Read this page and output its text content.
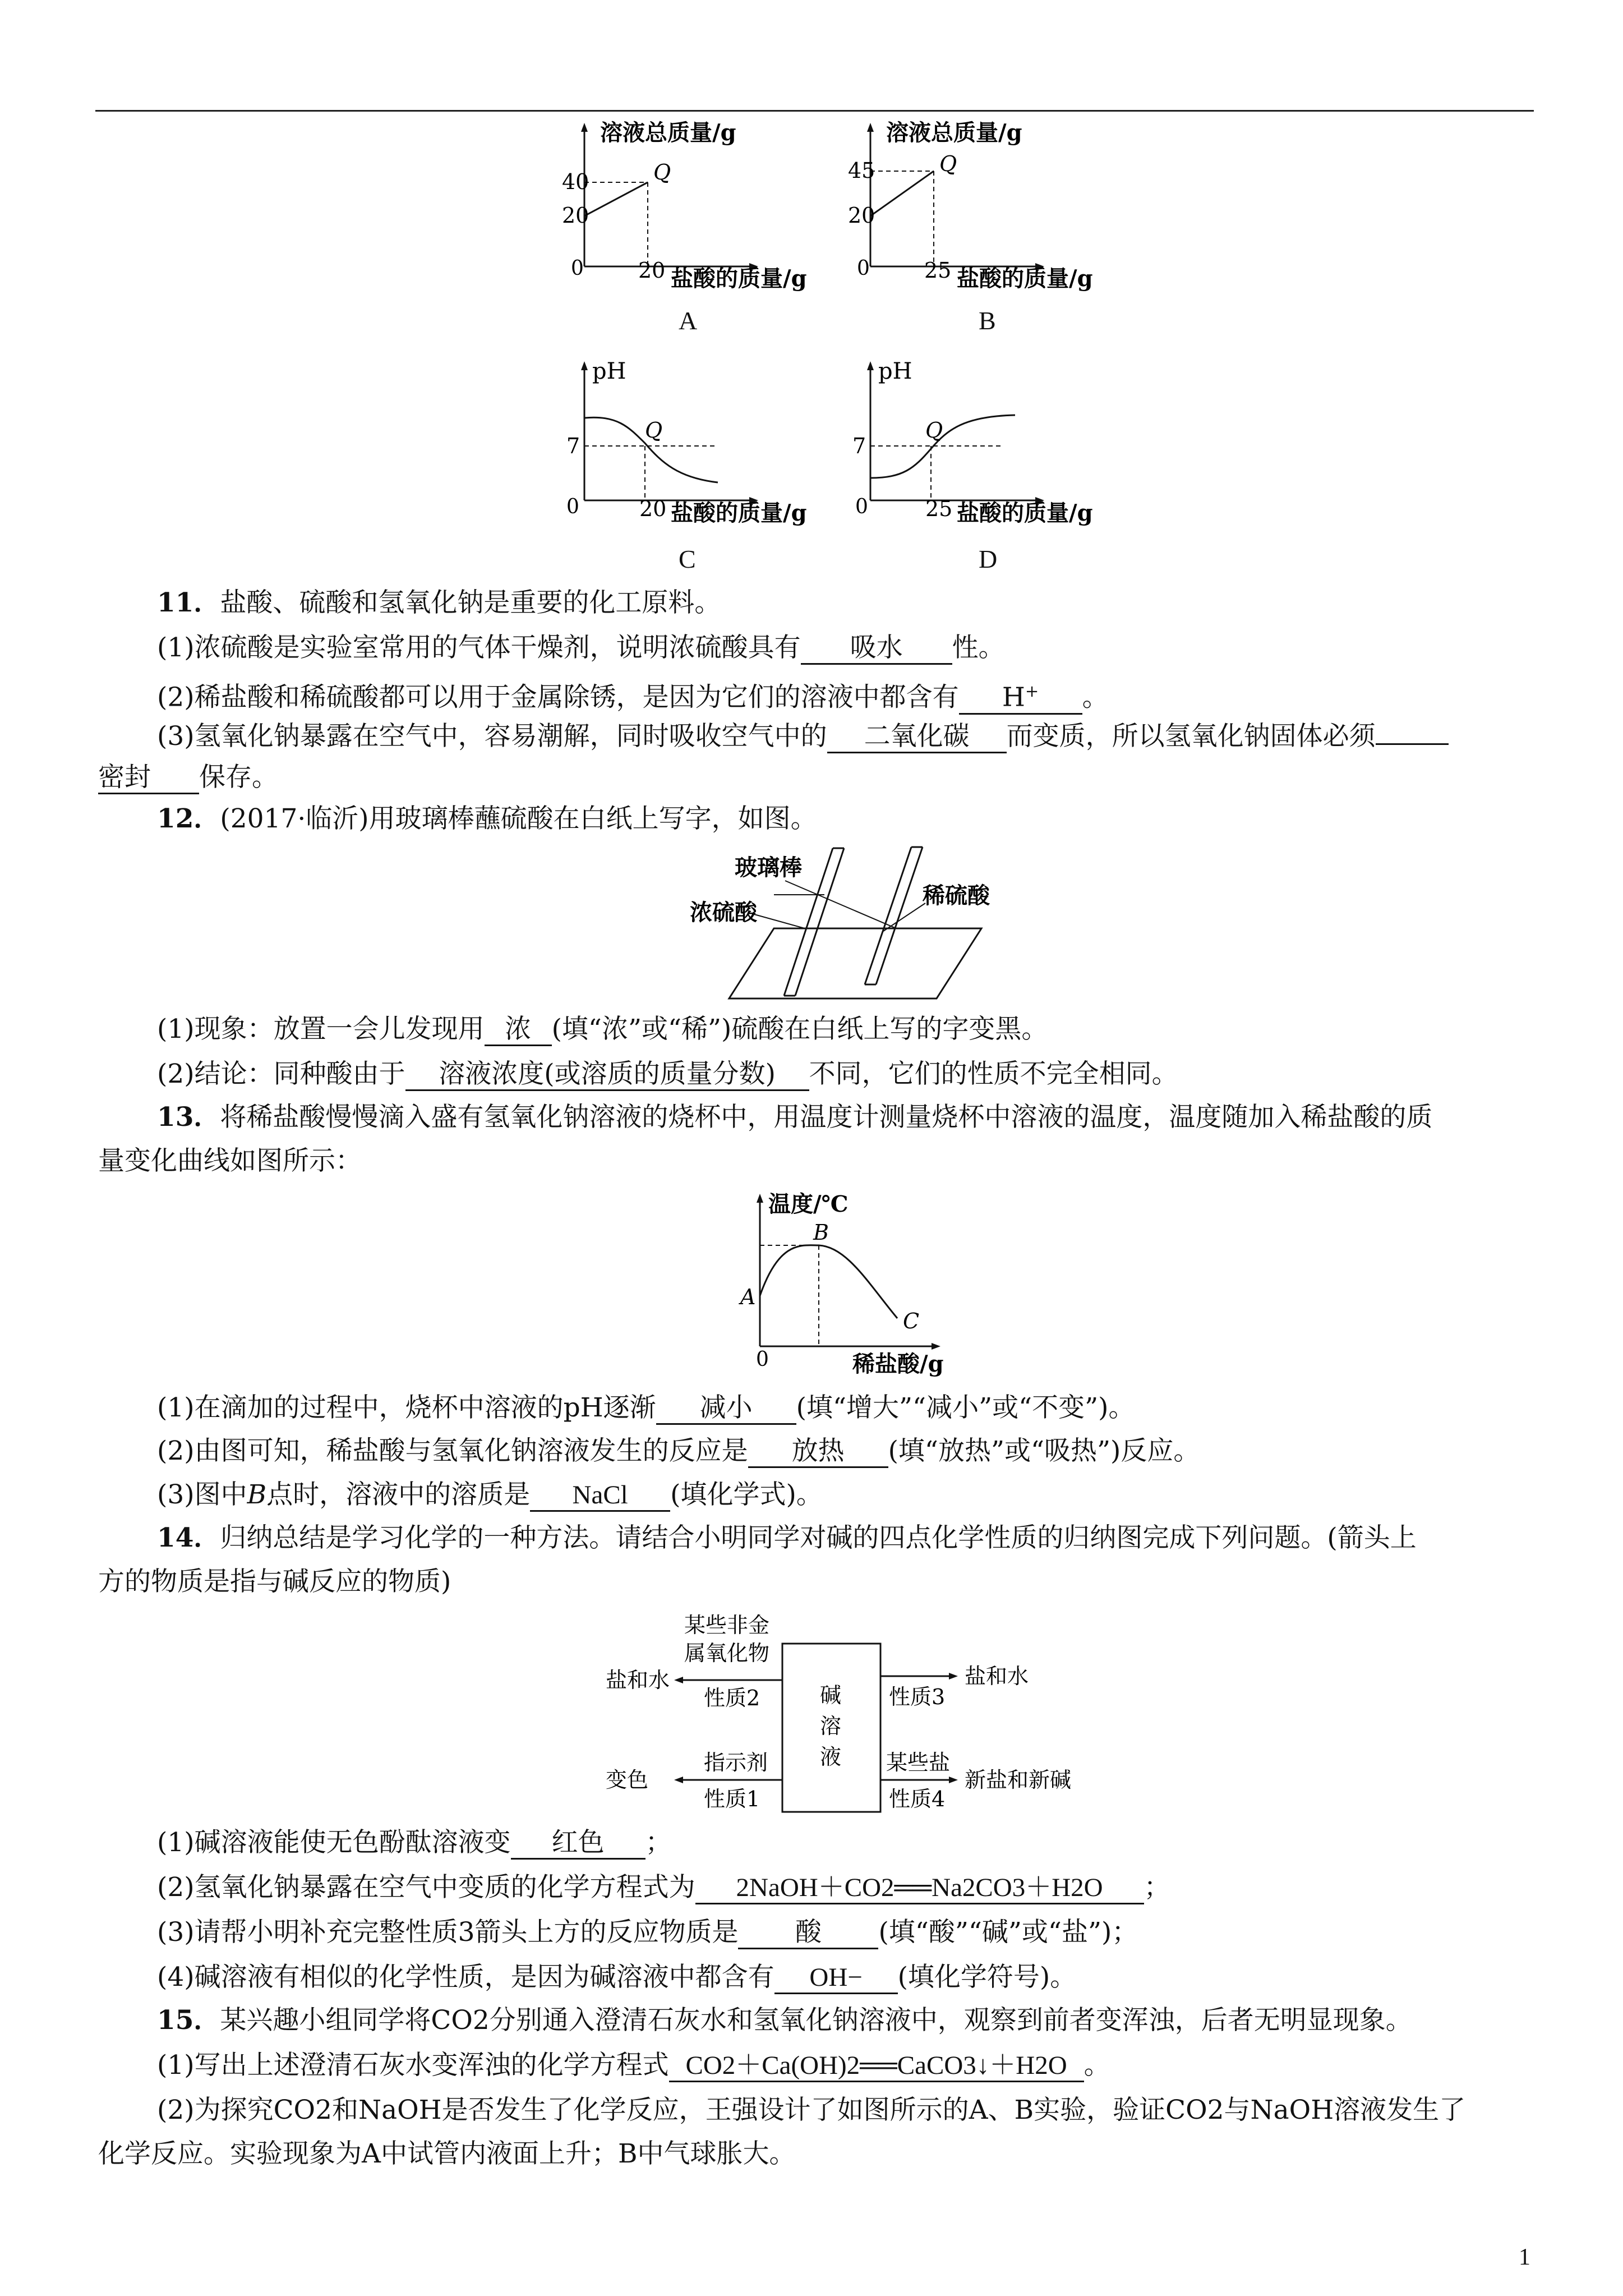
溶液总质量/g
40
20
0	20
Q
盐酸的质量/g
A
溶液总质量/g
45
20
0	25
Q
盐酸的质量/g
B
pH
7
0	20
Q
盐酸的质量/g
C
pH
7
0	25
Q
盐酸的质量/g
D
11．盐酸、硫酸和氢氧化钠是重要的化工原料。
(1)浓硫酸是实验室常用的气体干燥剂，说明浓硫酸具有 吸水 性。
(2)稀盐酸和稀硫酸都可以用于金属除锈，是因为它们的溶液中都含有 H+ 。
(3)氢氧化钠暴露在空气中，容易潮解，同时吸收空气中的 二氧化碳 而变质，所以氢氧化钠固体必须
密封 保存。
12．(2017·临沂)用玻璃棒蘸硫酸在白纸上写字，如图。
玻璃棒
浓硫酸
稀硫酸
(1)现象：放置一会儿发现用 浓 (填“浓”或“稀”)硫酸在白纸上写的字变黑。
(2)结论：同种酸由于 溶液浓度(或溶质的质量分数) 不同，它们的性质不完全相同。
13．将稀盐酸慢慢滴入盛有氢氧化钠溶液的烧杯中，用温度计测量烧杯中溶液的温度，温度随加入稀盐酸的质
量变化曲线如图所示：
温度/℃
A
B
C
0	稀盐酸/g
(1)在滴加的过程中，烧杯中溶液的pH逐渐 减小 (填“增大”“减小”或“不变”)。
(2)由图可知，稀盐酸与氢氧化钠溶液发生的反应是 放热 (填“放热”或“吸热”)反应。
(3)图中B点时，溶液中的溶质是 NaCl (填化学式)。
14．归纳总结是学习化学的一种方法。请结合小明同学对碱的四点化学性质的归纳图完成下列问题。(箭头上
方的物质是指与碱反应的物质)
碱
溶
液
某些非金
属氧化物
性质2
盐和水
指示剂
性质1
变色
性质3
盐和水
某些盐
性质4
新盐和新碱
(1)碱溶液能使无色酚酞溶液变 红色 ；
(2)氢氧化钠暴露在空气中变质的化学方程式为 2NaOH＋CO2══Na2CO3＋H2O ；
(3)请帮小明补充完整性质3箭头上方的反应物质是 酸 (填“酸”“碱”或“盐”)；
(4)碱溶液有相似的化学性质，是因为碱溶液中都含有 OH− (填化学符号)。
15．某兴趣小组同学将CO2分别通入澄清石灰水和氢氧化钠溶液中，观察到前者变浑浊，后者无明显现象。
(1)写出上述澄清石灰水变浑浊的化学方程式 CO2＋Ca(OH)2══CaCO3↓＋H2O 。
(2)为探究CO2和NaOH是否发生了化学反应，王强设计了如图所示的A、B实验，验证CO2与NaOH溶液发生了
化学反应。实验现象为A中试管内液面上升；B中气球胀大。
1
